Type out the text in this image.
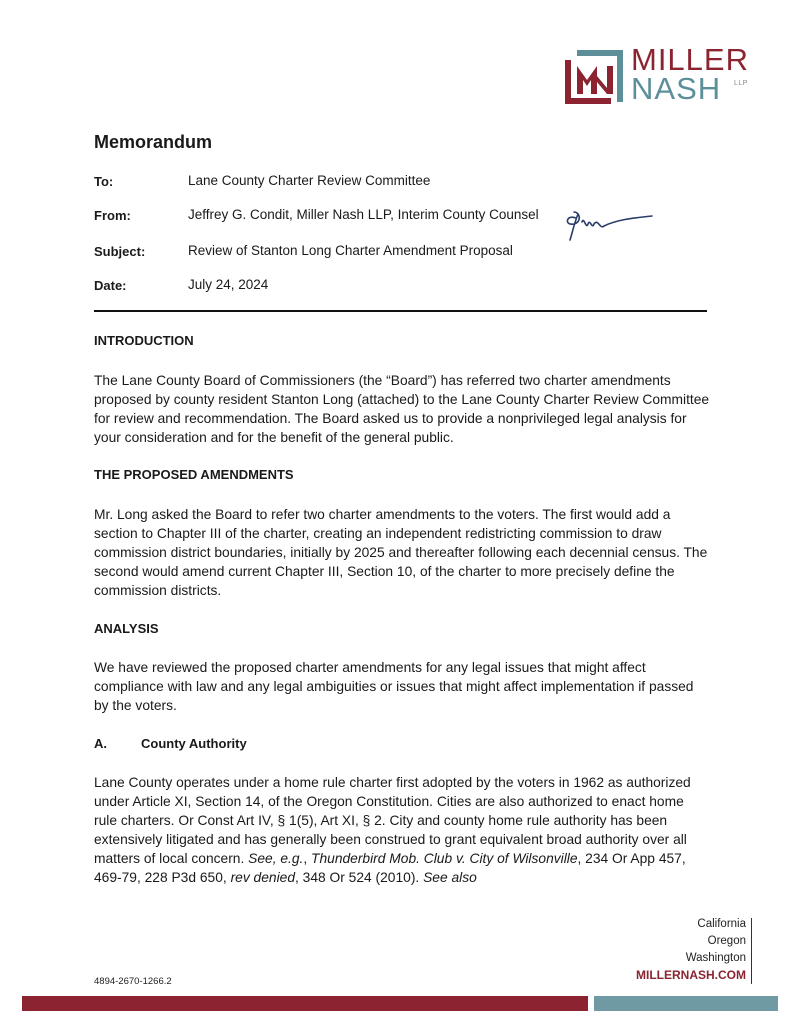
MILLER
NASH LLP
Memorandum
To:	Lane County Charter Review Committee
From:	Jeffrey G. Condit, Miller Nash LLP, Interim County Counsel
Subject:	Review of Stanton Long Charter Amendment Proposal
Date:	July 24, 2024
INTRODUCTION
The Lane County Board of Commissioners (the “Board”) has referred two charter amendments proposed by county resident Stanton Long (attached) to the Lane County Charter Review Committee for review and recommendation. The Board asked us to provide a nonprivileged legal analysis for your consideration and for the benefit of the general public.
THE PROPOSED AMENDMENTS
Mr. Long asked the Board to refer two charter amendments to the voters. The first would add a section to Chapter III of the charter, creating an independent redistricting commission to draw commission district boundaries, initially by 2025 and thereafter following each decennial census. The second would amend current Chapter III, Section 10, of the charter to more precisely define the commission districts.
ANALYSIS
We have reviewed the proposed charter amendments for any legal issues that might affect compliance with law and any legal ambiguities or issues that might affect implementation if passed by the voters.
A.	County Authority
Lane County operates under a home rule charter first adopted by the voters in 1962 as authorized under Article XI, Section 14, of the Oregon Constitution. Cities are also authorized to enact home rule charters. Or Const Art IV, § 1(5), Art XI, § 2. City and county home rule authority has been extensively litigated and has generally been construed to grant equivalent broad authority over all matters of local concern. See, e.g., Thunderbird Mob. Club v. City of Wilsonville, 234 Or App 457, 469-79, 228 P3d 650, rev denied, 348 Or 524 (2010). See also
California
Oregon
Washington
MILLERNASH.COM
4894-2670-1266.2
